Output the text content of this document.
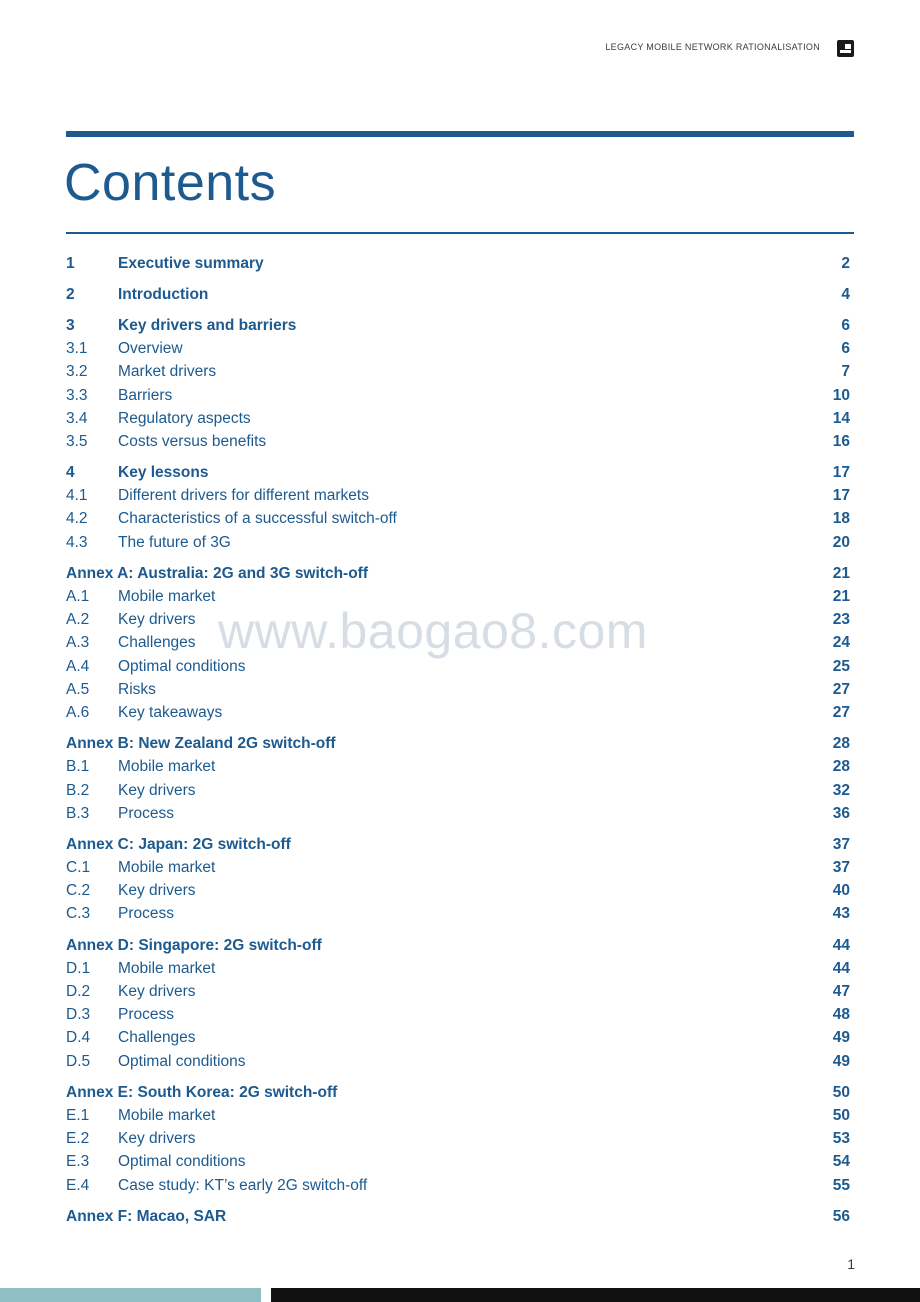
LEGACY MOBILE NETWORK RATIONALISATION
Contents
1	Executive summary	2
2	Introduction	4
3	Key drivers and barriers	6
3.1	Overview	6
3.2	Market drivers	7
3.3	Barriers	10
3.4	Regulatory aspects	14
3.5	Costs versus benefits	16
4	Key lessons	17
4.1	Different drivers for different markets	17
4.2	Characteristics of a successful switch-off	18
4.3	The future of 3G	20
Annex A: Australia: 2G and 3G switch-off	21
A.1	Mobile market	21
A.2	Key drivers	23
A.3	Challenges	24
A.4	Optimal conditions	25
A.5	Risks	27
A.6	Key takeaways	27
Annex B: New Zealand 2G switch-off	28
B.1	Mobile market	28
B.2	Key drivers	32
B.3	Process	36
Annex C: Japan: 2G switch-off	37
C.1	Mobile market	37
C.2	Key drivers	40
C.3	Process	43
Annex D: Singapore: 2G switch-off	44
D.1	Mobile market	44
D.2	Key drivers	47
D.3	Process	48
D.4	Challenges	49
D.5	Optimal conditions	49
Annex E: South Korea: 2G switch-off	50
E.1	Mobile market	50
E.2	Key drivers	53
E.3	Optimal conditions	54
E.4	Case study: KT’s early 2G switch-off	55
Annex F: Macao, SAR	56
www.baogao8.com
1
